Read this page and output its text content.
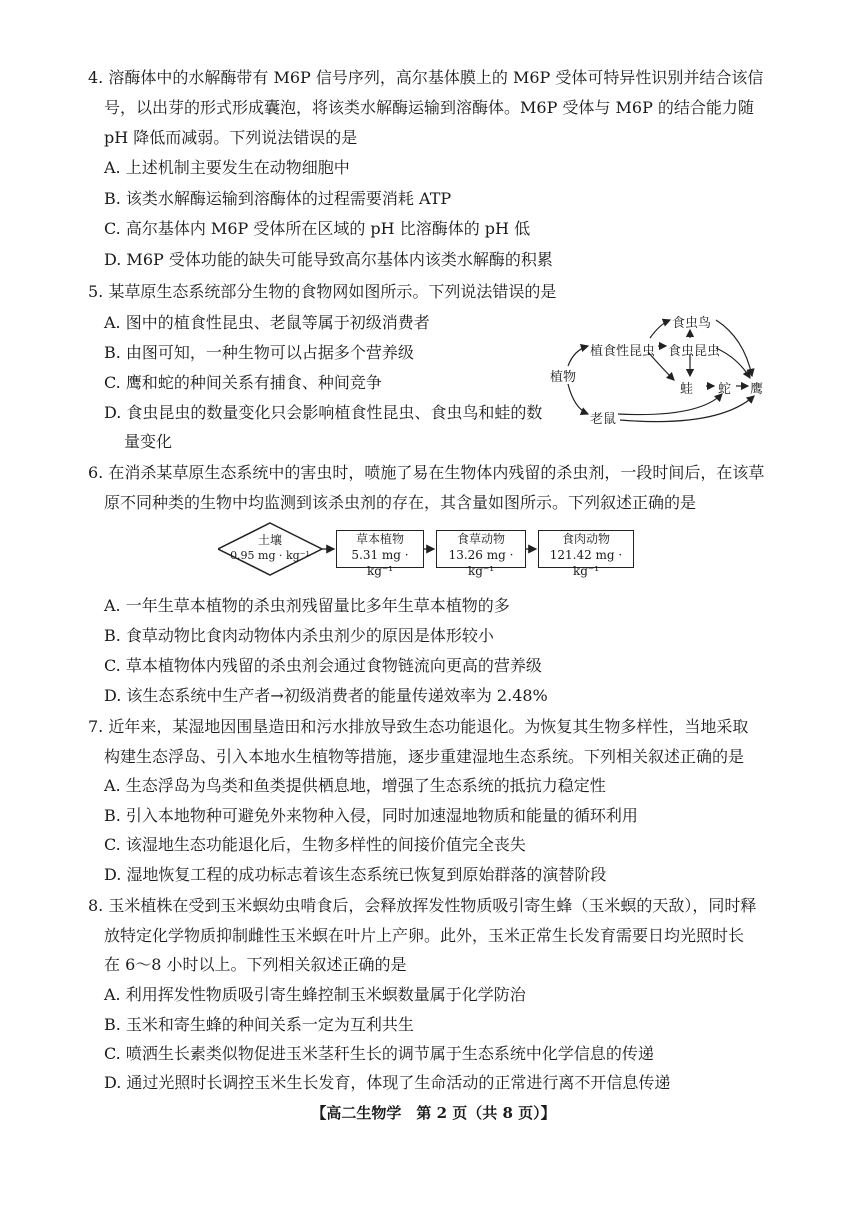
4. 溶酶体中的水解酶带有 M6P 信号序列，高尔基体膜上的 M6P 受体可特异性识别并结合该信
号，以出芽的形式形成囊泡，将该类水解酶运输到溶酶体。M6P 受体与 M6P 的结合能力随
pH 降低而减弱。下列说法错误的是
A. 上述机制主要发生在动物细胞中
B. 该类水解酶运输到溶酶体的过程需要消耗 ATP
C. 高尔基体内 M6P 受体所在区域的 pH 比溶酶体的 pH 低
D. M6P 受体功能的缺失可能导致高尔基体内该类水解酶的积累
5. 某草原生态系统部分生物的食物网如图所示。下列说法错误的是
A. 图中的植食性昆虫、老鼠等属于初级消费者
B. 由图可知，一种生物可以占据多个营养级
C. 鹰和蛇的种间关系有捕食、种间竞争
D. 食虫昆虫的数量变化只会影响植食性昆虫、食虫鸟和蛙的数
量变化
植物
植食性昆虫
食虫鸟
食虫昆虫
蛙 蛇 鹰
老鼠
6. 在消杀某草原生态系统中的害虫时，喷施了易在生物体内残留的杀虫剂，一段时间后，在该草
原不同种类的生物中均监测到该杀虫剂的存在，其含量如图所示。下列叙述正确的是
土壤
0.95 mg · kg⁻¹
草本植物
5.31 mg · kg⁻¹
食草动物
13.26 mg · kg⁻¹
食肉动物
121.42 mg · kg⁻¹
A. 一年生草本植物的杀虫剂残留量比多年生草本植物的多
B. 食草动物比食肉动物体内杀虫剂少的原因是体形较小
C. 草本植物体内残留的杀虫剂会通过食物链流向更高的营养级
D. 该生态系统中生产者→初级消费者的能量传递效率为 2.48%
7. 近年来，某湿地因围垦造田和污水排放导致生态功能退化。为恢复其生物多样性，当地采取
构建生态浮岛、引入本地水生植物等措施，逐步重建湿地生态系统。下列相关叙述正确的是
A. 生态浮岛为鸟类和鱼类提供栖息地，增强了生态系统的抵抗力稳定性
B. 引入本地物种可避免外来物种入侵，同时加速湿地物质和能量的循环利用
C. 该湿地生态功能退化后，生物多样性的间接价值完全丧失
D. 湿地恢复工程的成功标志着该生态系统已恢复到原始群落的演替阶段
8. 玉米植株在受到玉米螟幼虫啃食后，会释放挥发性物质吸引寄生蜂（玉米螟的天敌），同时释
放特定化学物质抑制雌性玉米螟在叶片上产卵。此外，玉米正常生长发育需要日均光照时长
在 6～8 小时以上。下列相关叙述正确的是
A. 利用挥发性物质吸引寄生蜂控制玉米螟数量属于化学防治
B. 玉米和寄生蜂的种间关系一定为互利共生
C. 喷洒生长素类似物促进玉米茎秆生长的调节属于生态系统中化学信息的传递
D. 通过光照时长调控玉米生长发育，体现了生命活动的正常进行离不开信息传递
【高二生物学　第 2 页（共 8 页）】
